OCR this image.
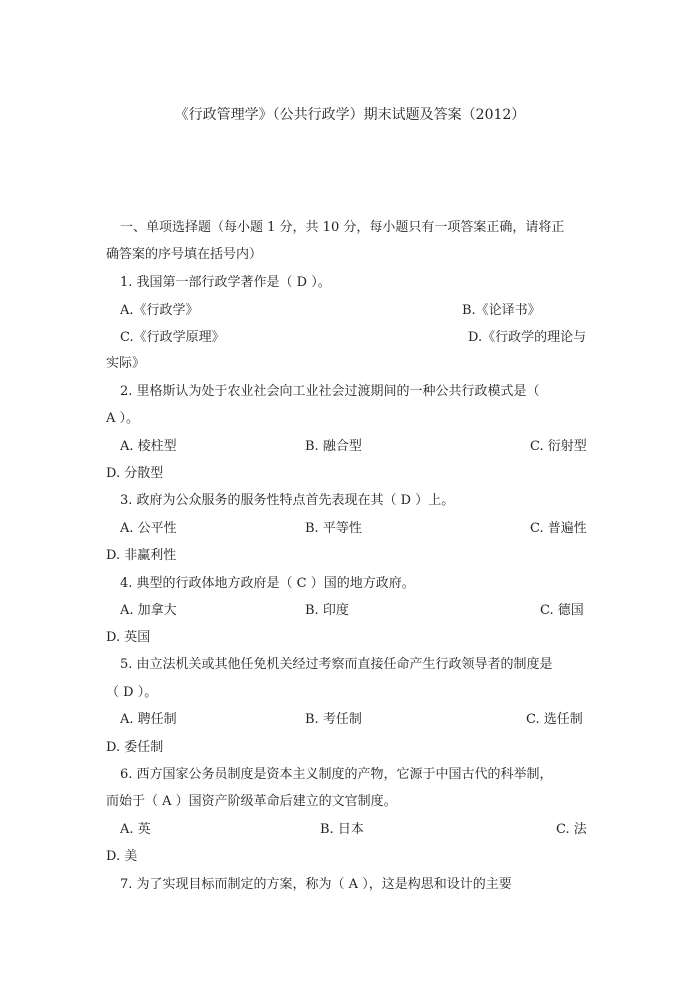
《行政管理学》（公共行政学）期末试题及答案（2012）
一、单项选择题（每小题 1 分，共 10 分，每小题只有一项答案正确，请将正
确答案的序号填在括号内）
1. 我国第一部行政学著作是（ D ）。
A.《行政学》	B.《论译书》
C.《行政学原理》	D.《行政学的理论与
实际》
2. 里格斯认为处于农业社会向工业社会过渡期间的一种公共行政模式是（
A ）。
A. 棱柱型	B. 融合型	C. 衍射型
D. 分散型
3. 政府为公众服务的服务性特点首先表现在其（ D ）上。
A. 公平性	B. 平等性	C. 普遍性
D. 非赢利性
4. 典型的行政体地方政府是（ C ）国的地方政府。
A. 加拿大	B. 印度	C. 德国
D. 英国
5. 由立法机关或其他任免机关经过考察而直接任命产生行政领导者的制度是
（ D ）。
A. 聘任制	B. 考任制	C. 选任制
D. 委任制
6. 西方国家公务员制度是资本主义制度的产物，它源于中国古代的科举制，
而始于（ A ）国资产阶级革命后建立的文官制度。
A. 英	B. 日本	C. 法
D. 美
7. 为了实现目标而制定的方案，称为（ A ），这是构思和设计的主要
